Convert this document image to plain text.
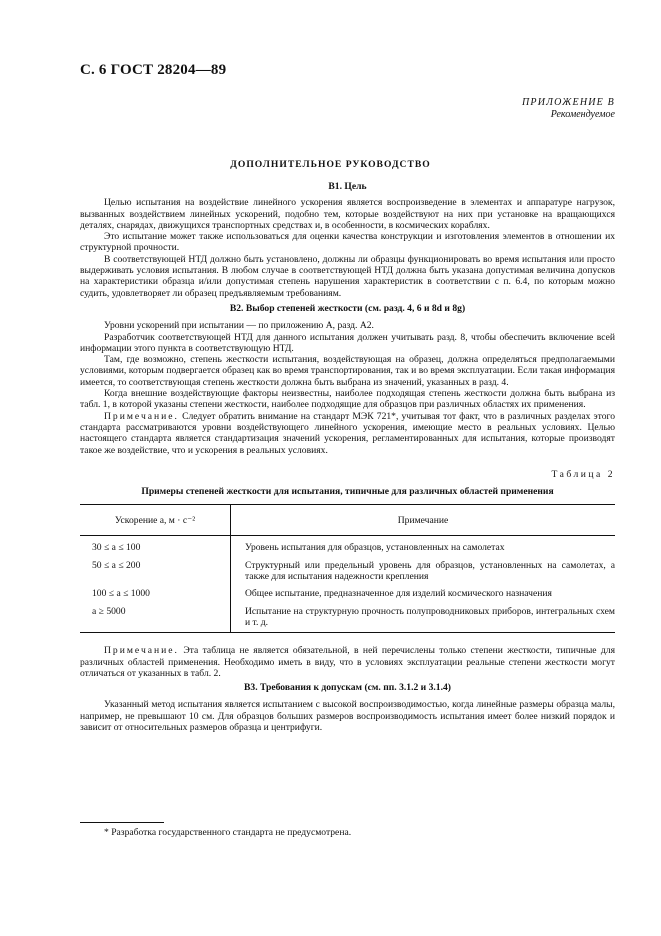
С. 6 ГОСТ 28204—89
ПРИЛОЖЕНИЕ В
Рекомендуемое
ДОПОЛНИТЕЛЬНОЕ РУКОВОДСТВО
В1. Цель

Целью испытания на воздействие линейного ускорения является воспроизведение в элементах и аппаратуре нагрузок, вызванных воздействием линейных ускорений, подобно тем, которые воздействуют на них при установке на вращающихся деталях, снарядах, движущихся транспортных средствах и, в особенности, в космических кораблях.

Это испытание может также использоваться для оценки качества конструкции и изготовления элементов в отношении их структурной прочности.

В соответствующей НТД должно быть установлено, должны ли образцы функционировать во время испытания или просто выдерживать условия испытания. В любом случае в соответствующей НТД должна быть указана допустимая величина допусков на характеристики образца и/или допустимая степень нарушения характеристик в соответствии с п. 6.4, по которым можно судить, удовлетворяет ли образец предъявляемым требованиям.

В2. Выбор степеней жесткости (см. разд. 4, 6 и 8d и 8g)

Уровни ускорений при испытании — по приложению А, разд. А2.

Разработчик соответствующей НТД для данного испытания должен учитывать разд. 8, чтобы обеспечить включение всей информации этого пункта в соответствующую НТД.

Там, где возможно, степень жесткости испытания, воздействующая на образец, должна определяться предполагаемыми условиями, которым подвергается образец как во время транспортирования, так и во время эксплуатации. Если такая информация имеется, то соответствующая степень жесткости должна быть выбрана из значений, указанных в разд. 4.

Когда внешние воздействующие факторы неизвестны, наиболее подходящая степень жесткости должна быть выбрана из табл. 1, в которой указаны степени жесткости, наиболее подходящие для образцов при различных областях их применения.

Примечание. Следует обратить внимание на стандарт МЭК 721*, учитывая тот факт, что в различных разделах этого стандарта рассматриваются уровни воздействующего линейного ускорения, имеющие место в реальных условиях. Целью настоящего стандарта является стандартизация значений ускорения, регламентированных для испытания, которые производят такое же воздействие, что и ускорения в реальных условиях.

Таблица 2
Примеры степеней жесткости для испытания, типичные для различных областей применения
Ускорение a, м · с⁻²	Примечание
30 ≤ a ≤ 100	Уровень испытания для образцов, установленных на самолетах
50 ≤ a ≤ 200	Структурный или предельный уровень для образцов, установленных на самолетах, а также для испытания надежности крепления
100 ≤ a ≤ 1000	Общее испытание, предназначенное для изделий космического назначения
a ≥ 5000	Испытание на структурную прочность полупроводниковых приборов, интегральных схем и т. д.

Примечание. Эта таблица не является обязательной, в ней перечислены только степени жесткости, типичные для различных областей применения. Необходимо иметь в виду, что в условиях эксплуатации реальные степени жесткости могут отличаться от указанных в табл. 2.

В3. Требования к допускам (см. пп. 3.1.2 и 3.1.4)

Указанный метод испытания является испытанием с высокой воспроизводимостью, когда линейные размеры образца малы, например, не превышают 10 см. Для образцов больших размеров воспроизводимость испытания имеет более низкий порядок и зависит от относительных размеров образца и центрифуги.

* Разработка государственного стандарта не предусмотрена.
